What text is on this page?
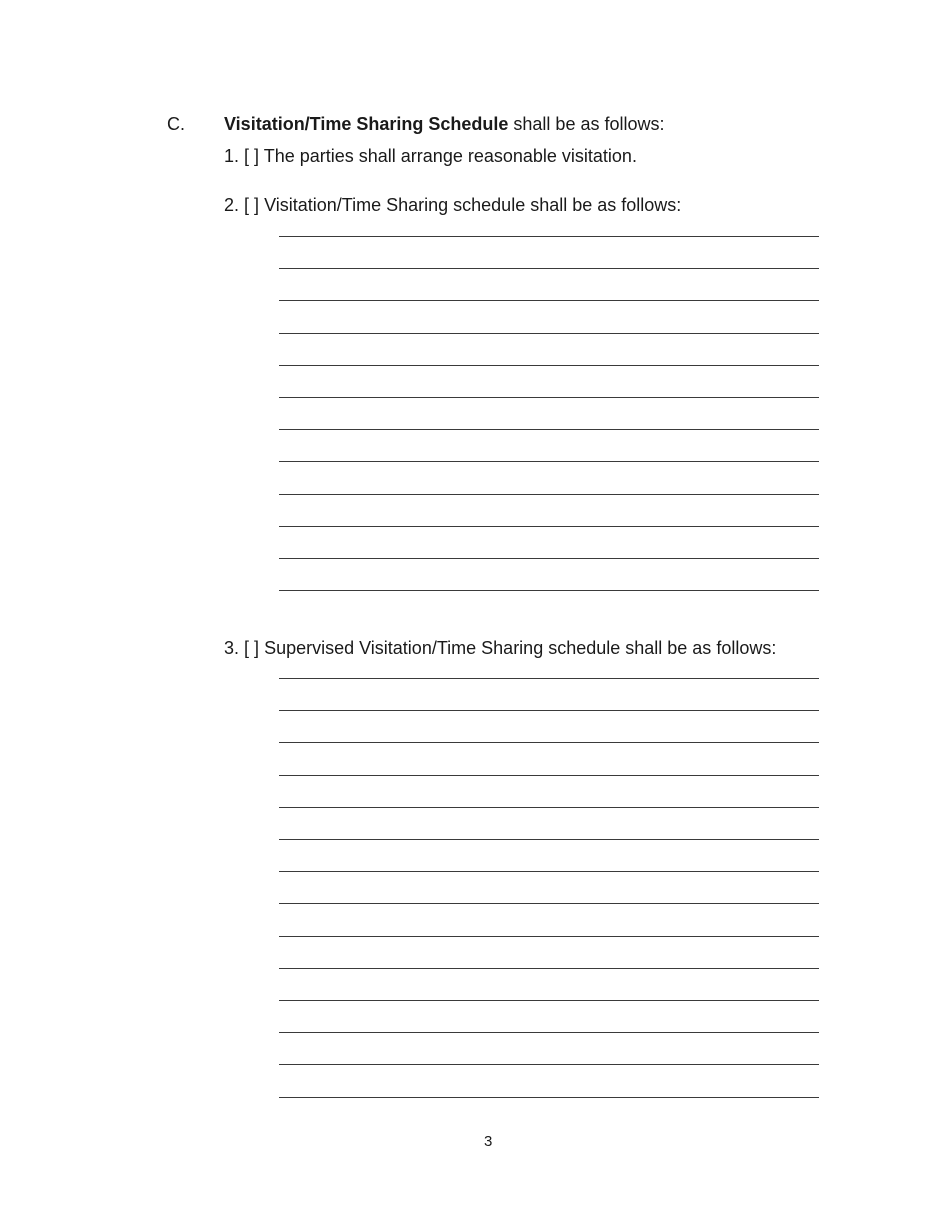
C. Visitation/Time Sharing Schedule shall be as follows:
1. [ ] The parties shall arrange reasonable visitation.
2. [ ] Visitation/Time Sharing schedule shall be as follows:
3. [ ] Supervised Visitation/Time Sharing schedule shall be as follows:
3
